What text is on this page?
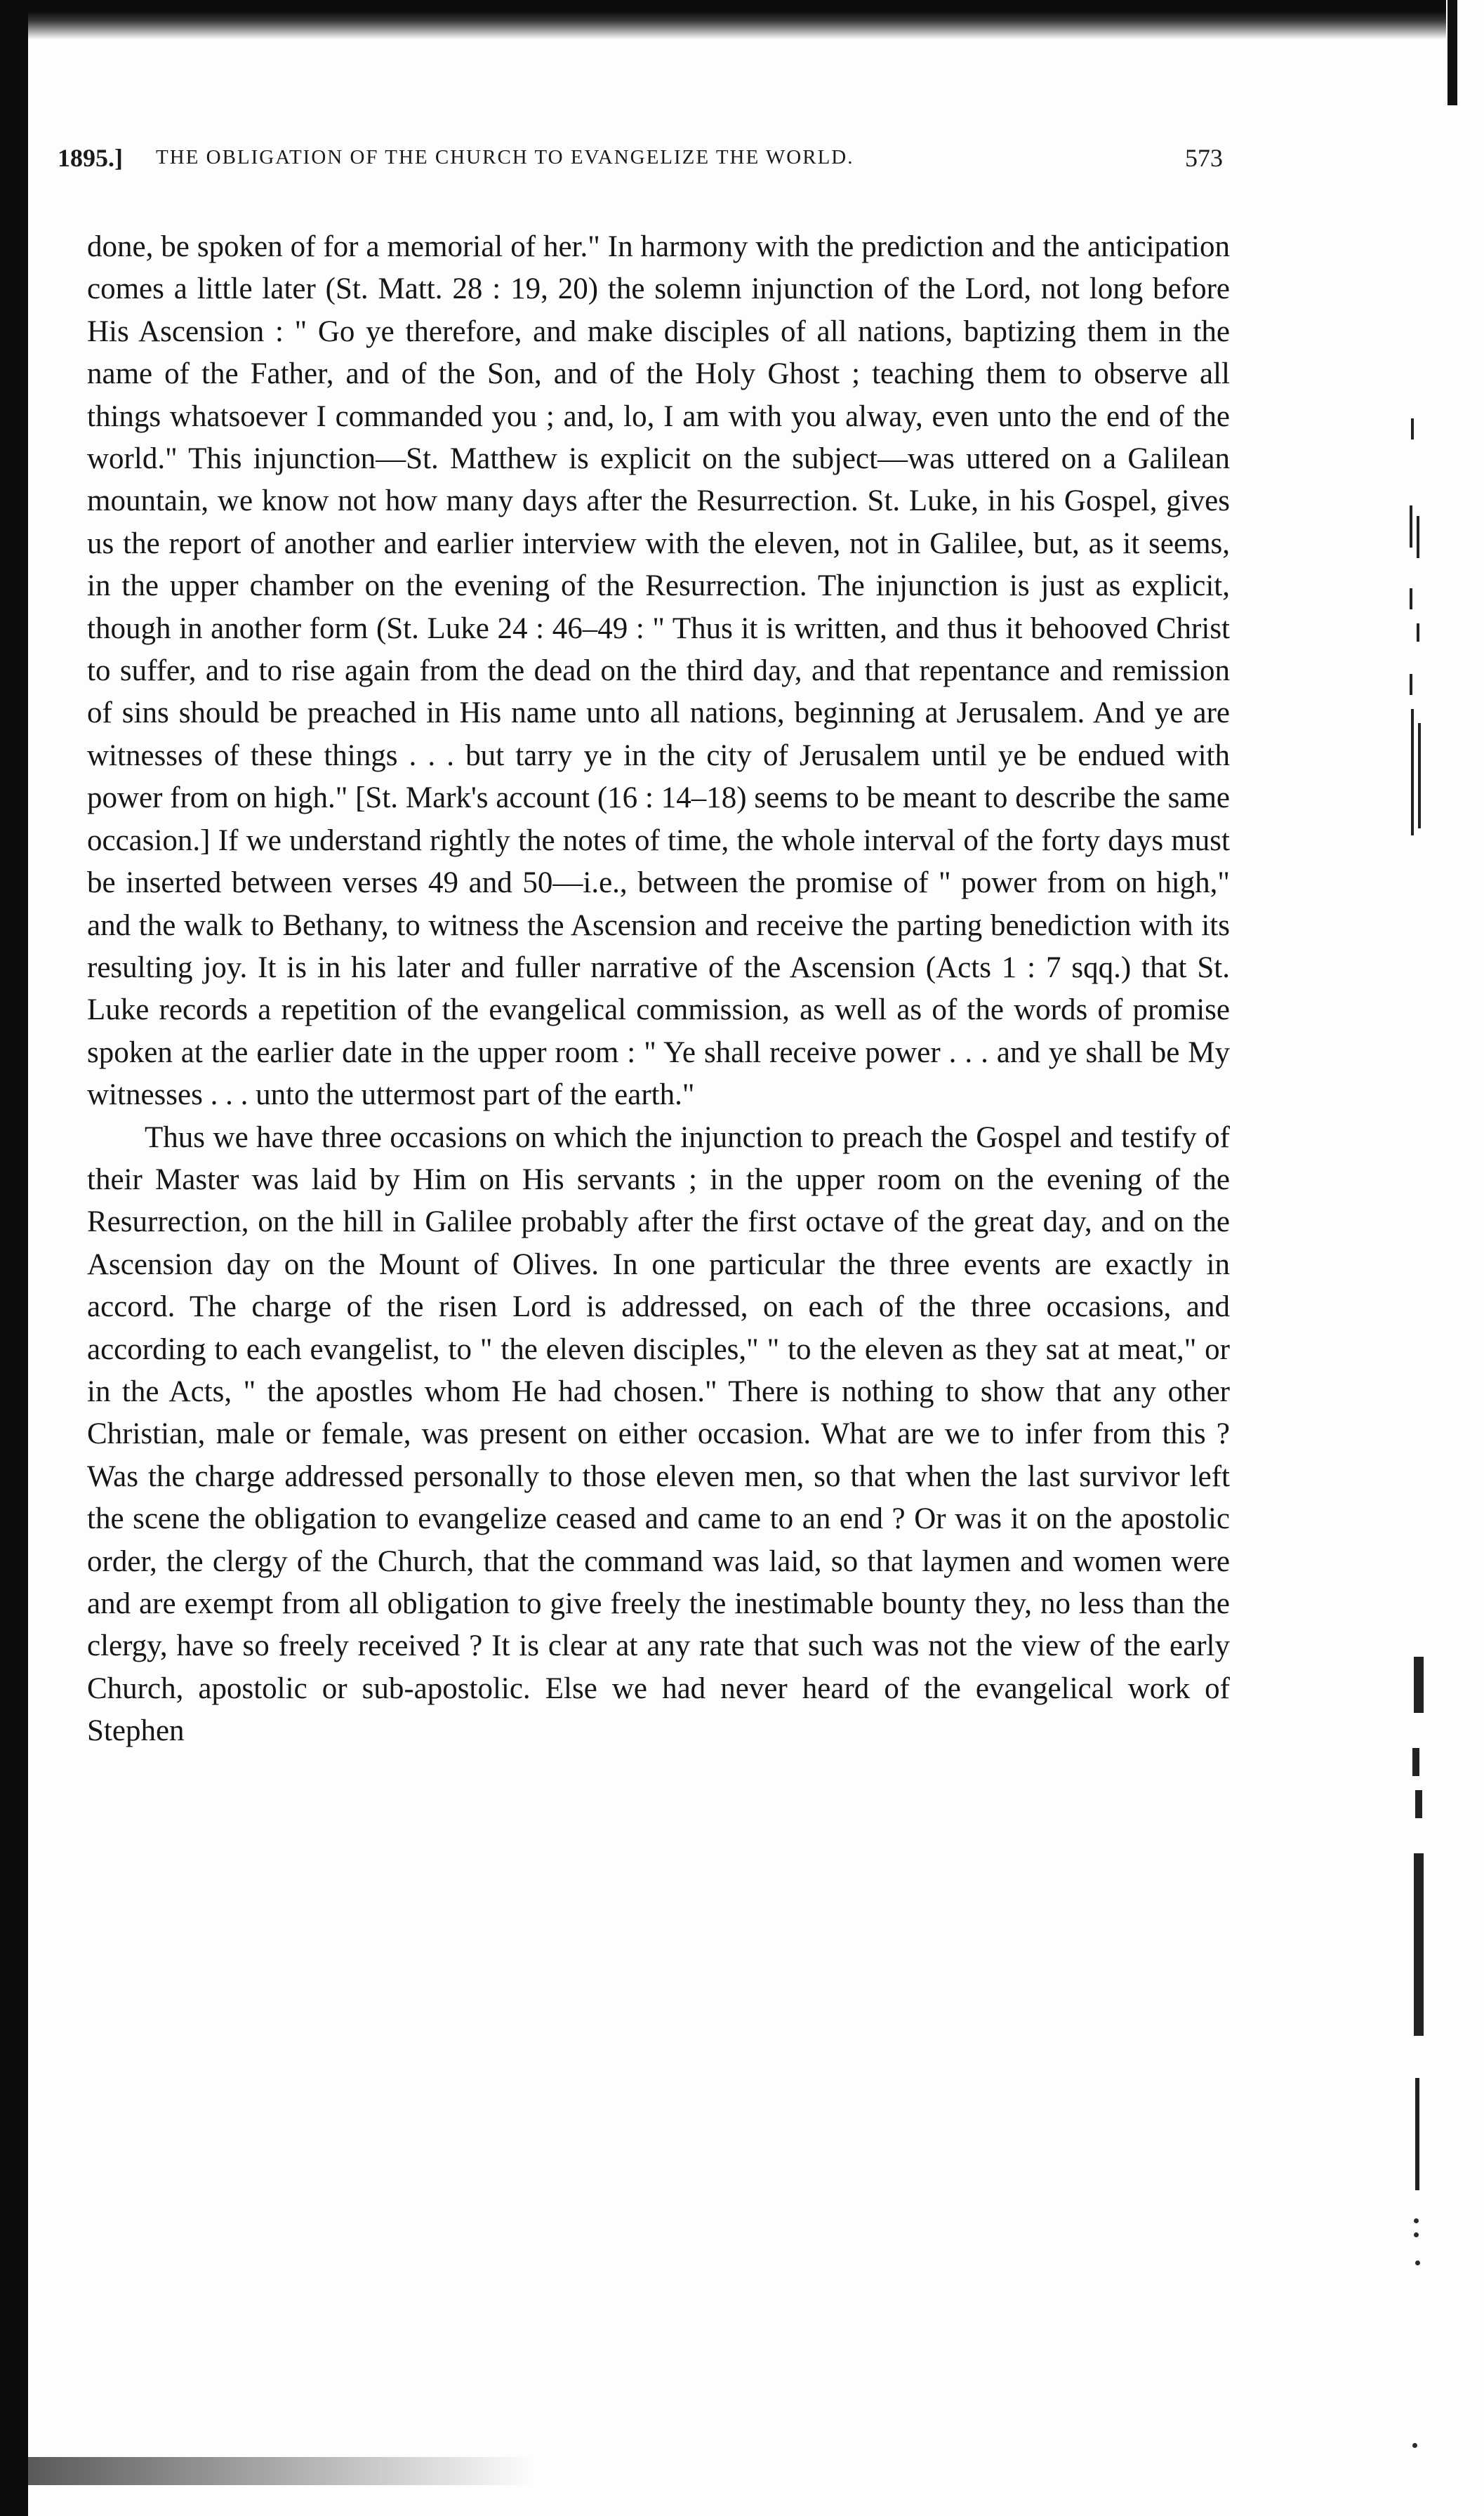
1895.] THE OBLIGATION OF THE CHURCH TO EVANGELIZE THE WORLD.	573

done, be spoken of for a memorial of her." In harmony with the prediction and the anticipation comes a little later (St. Matt. 28 : 19, 20) the solemn injunction of the Lord, not long before His Ascension : " Go ye therefore, and make disciples of all nations, baptizing them in the name of the Father, and of the Son, and of the Holy Ghost ; teaching them to observe all things whatsoever I commanded you ; and, lo, I am with you alway, even unto the end of the world." This injunction—St. Matthew is explicit on the subject—was uttered on a Galilean mountain, we know not how many days after the Resurrection. St. Luke, in his Gospel, gives us the report of another and earlier interview with the eleven, not in Galilee, but, as it seems, in the upper chamber on the evening of the Resurrection. The injunction is just as explicit, though in another form (St. Luke 24 : 46–49 : " Thus it is written, and thus it behooved Christ to suffer, and to rise again from the dead on the third day, and that repentance and remission of sins should be preached in His name unto all nations, beginning at Jerusalem. And ye are witnesses of these things . . . but tarry ye in the city of Jerusalem until ye be endued with power from on high." [St. Mark's account (16 : 14–18) seems to be meant to describe the same occasion.] If we understand rightly the notes of time, the whole interval of the forty days must be inserted between verses 49 and 50—i.e., between the promise of " power from on high," and the walk to Bethany, to witness the Ascension and receive the parting benediction with its resulting joy. It is in his later and fuller narrative of the Ascension (Acts 1 : 7 sqq.) that St. Luke records a repetition of the evangelical commission, as well as of the words of promise spoken at the earlier date in the upper room : " Ye shall receive power . . . and ye shall be My witnesses . . . unto the uttermost part of the earth."

Thus we have three occasions on which the injunction to preach the Gospel and testify of their Master was laid by Him on His servants ; in the upper room on the evening of the Resurrection, on the hill in Galilee probably after the first octave of the great day, and on the Ascension day on the Mount of Olives. In one particular the three events are exactly in accord. The charge of the risen Lord is addressed, on each of the three occasions, and according to each evangelist, to " the eleven disciples," " to the eleven as they sat at meat," or in the Acts, " the apostles whom He had chosen." There is nothing to show that any other Christian, male or female, was present on either occasion. What are we to infer from this ? Was the charge addressed personally to those eleven men, so that when the last survivor left the scene the obligation to evangelize ceased and came to an end ? Or was it on the apostolic order, the clergy of the Church, that the command was laid, so that laymen and women were and are exempt from all obligation to give freely the inestimable bounty they, no less than the clergy, have so freely received ? It is clear at any rate that such was not the view of the early Church, apostolic or sub-apostolic. Else we had never heard of the evangelical work of Stephen
